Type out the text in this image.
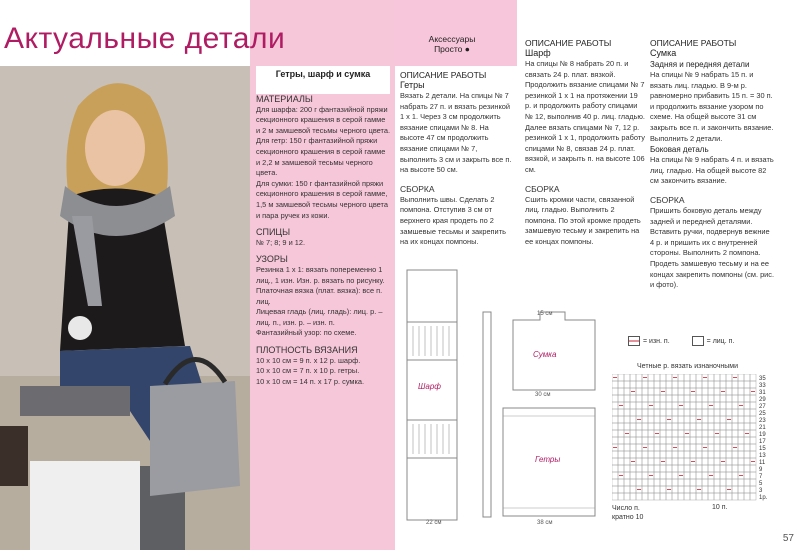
Актуальные детали
Гетры, шарф и сумка
МАТЕРИАЛЫ

Для шарфа: 200 г фантазийной пряжи секционного крашения в серой гамме и 2 м замшевой тесьмы черного цвета.

Для гетр: 150 г фантазийной пряжи секционного крашения в серой гамме и 2,2 м замшевой тесьмы черного цвета.

Для сумки: 150 г фантазийной пряжи секционного крашения в серой гамме, 1,5 м замшевой тесьмы черного цвета и пара ручек из кожи.

СПИЦЫ

№ 7; 8; 9 и 12.

УЗОРЫ

Резинка 1 х 1: вязать попеременно 1 лиц., 1 изн. Изн. р. вязать по рисунку.

Платочная вязка (плат. вязка): все п. лиц.

Лицевая гладь (лиц. гладь): лиц. р. – лиц. п., изн. р. – изн. п.

Фантазийный узор: по схеме.

ПЛОТНОСТЬ ВЯЗАНИЯ

10 х 10 см = 9 п. х 12 р. шарф.

10 х 10 см = 7 п. х 10 р. гетры.

10 х 10 см = 14 п. х 17 р. сумка.

Аксессуары
Просто ●

ОПИСАНИЕ РАБОТЫ

Гетры

Вязать 2 детали. На спицы № 7 набрать 27 п. и вязать резинкой 1 х 1. Через 3 см продолжить вязание спицами № 8. На высоте 47 см продолжить вязание спицами № 7, выполнить 3 см и закрыть все п. на высоте 50 см.

СБОРКА

Выполнить швы. Сделать 2 помпона. Отступив 3 см от верхнего края продеть по 2 замшевые тесьмы и закрепить на их концах помпоны.

ОПИСАНИЕ РАБОТЫ

Шарф

На спицы № 8 набрать 20 п. и связать 24 р. плат. вязкой. Продолжить вязание спицами № 7 резинкой 1 х 1 на протяжении 19 р. и продолжить работу спицами № 12, выполнив 40 р. лиц. гладью. Далее вязать спицами № 7, 12 р. резинкой 1 х 1, продолжить работу спицами № 8, связав 24 р. плат. вязкой, и закрыть п. на высоте 106 см.

СБОРКА

Сшить кромки части, связанной лиц. гладью. Выполнить 2 помпона. По этой кромке продеть замшевую тесьму и закрепить на ее концах помпоны.

ОПИСАНИЕ РАБОТЫ

Сумка

Задняя и передняя детали

На спицы № 9 набрать 15 п. и вязать лиц. гладью. В 9-м р. равномерно прибавить 15 п. = 30 п. и продолжить вязание узором по схеме. На общей высоте 31 см закрыть все п. и закончить вязание. Выполнить 2 детали.

Боковая деталь

На спицы № 9 набрать 4 п. и вязать лиц. гладью. На общей высоте 82 см закончить вязание.

СБОРКА

Пришить боковую деталь между задней и передней деталями. Вставить ручки, подвернув вежние 4 р. и пришить их с внутренней стороны. Выполнить 2 помпона. Продеть замшевую тесьму и на ее концах закрепить помпоны (см. рис. и фото).

Шарф
Сумка
Гетры
22 см
15 см
30 см
38 см
= изн. п.	= лиц. п.
Четные р. вязать изнаночными
35
33
31
29
27
25
23
21
19
17
15
13
11
9
7
5
3
1р.
Число п. кратно 10
10 п.
57
